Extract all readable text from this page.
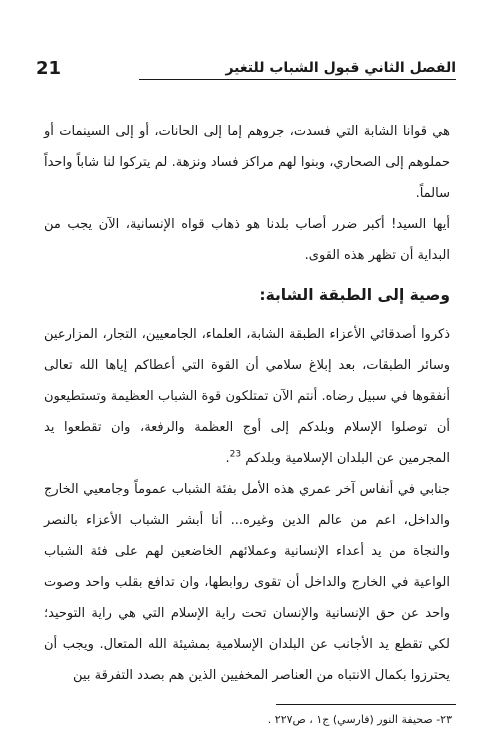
21	الفصل الثاني قبول الشباب للتغير

هي قوانا الشابة التي فسدت، جروهم إما إلى الحانات، أو إلى السينمات أو حملوهم إلى الصحاري، وبنوا لهم مراكز فساد ونزهة. لم يتركوا لنا شاباً واحداً سالماً.

أيها السيد! أكبر ضرر أصاب بلدنا هو ذهاب قواه الإنسانية، الآن يجب من البداية أن تظهر هذه القوى.

وصية إلى الطبقة الشابة:

ذكروا أصدقائي الأعزاء الطبقة الشابة، العلماء، الجامعيين، التجار، المزارعين وسائر الطبقات، بعد إبلاغ سلامي أن القوة التي أعطاكم إياها الله تعالى أنفقوها في سبيل رضاه. أنتم الآن تمتلكون قوة الشباب العظيمة وتستطيعون أن توصلوا الإسلام وبلدكم إلى أوج العظمة والرفعة، وان تقطعوا يد المجرمين عن البلدان الإسلامية وبلدكم $^{23}$.

جنابي في أنفاس آخر عمري هذه الأمل بفئة الشباب عموماً وجامعيي الخارج والداخل، اعم من عالم الدين وغيره... أنا أبشر الشباب الأعزاء بالنصر والنجاة من يد أعداء الإنسانية وعملائهم الخاضعين لهم على فئة الشباب الواعية في الخارج والداخل أن تقوى روابطها، وان تدافع بقلب واحد وصوت واحد عن حق الإنسانية والإنسان تحت راية الإسلام التي هي راية التوحيد؛ لكي تقطع يد الأجانب عن البلدان الإسلامية بمشيئة الله المتعال. ويجب أن يحترزوا بكمال الانتباه من العناصر المخفيين الذين هم بصدد التفرقة بين

٢٣- صحيفة النور (فارسي) ج١ ، ص٢٢٧ .
